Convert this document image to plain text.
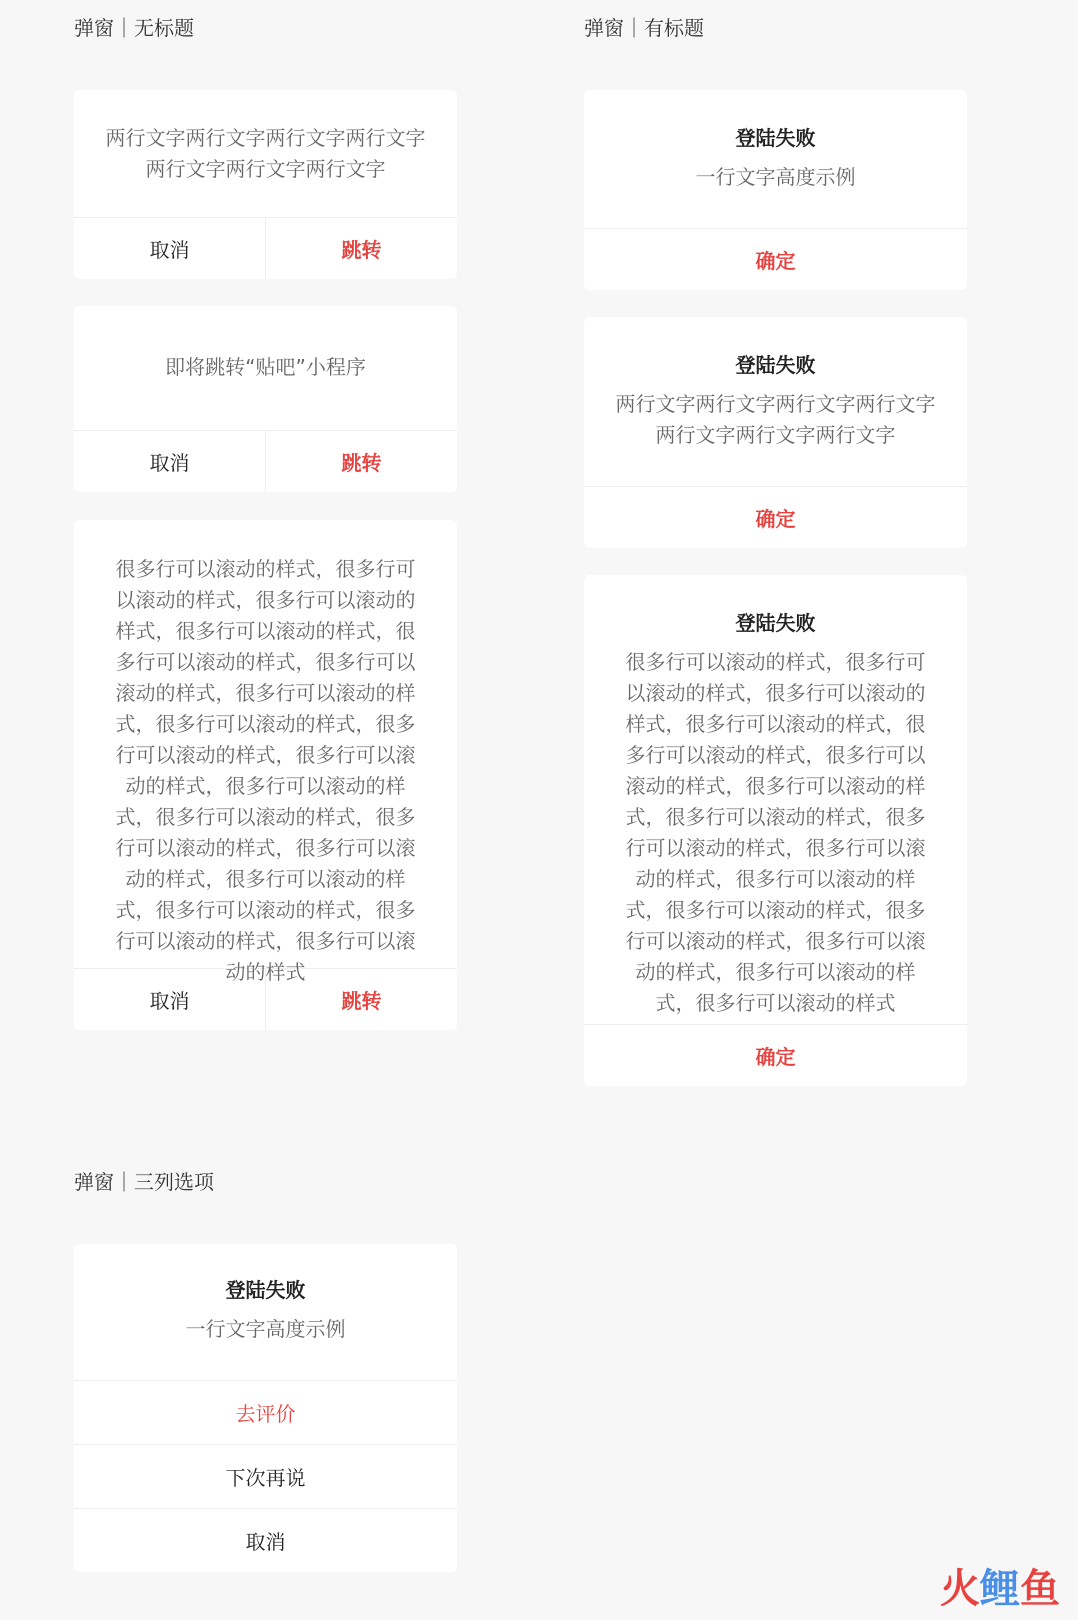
弹窗｜无标题	弹窗｜有标题
弹窗｜三列选项
两行文字两行文字两行文字两行文字两行文字两行文字两行文字
取消	跳转
即将跳转“贴吧”小程序
取消	跳转
很多行可以滚动的样式，很多行可以滚动的样式，很多行可以滚动的样式，很多行可以滚动的样式，很多行可以滚动的样式，很多行可以滚动的样式，很多行可以滚动的样式，很多行可以滚动的样式，很多行可以滚动的样式，很多行可以滚动的样式，很多行可以滚动的样式，很多行可以滚动的样式，很多行可以滚动的样式，很多行可以滚动的样式，很多行可以滚动的样式，很多行可以滚动的样式，很多行可以滚动的样式，很多行可以滚动的样式
取消	跳转
登陆失败
一行文字高度示例
确定
登陆失败
两行文字两行文字两行文字两行文字两行文字两行文字两行文字
确定
登陆失败
很多行可以滚动的样式，很多行可以滚动的样式，很多行可以滚动的样式，很多行可以滚动的样式，很多行可以滚动的样式，很多行可以滚动的样式，很多行可以滚动的样式，很多行可以滚动的样式，很多行可以滚动的样式，很多行可以滚动的样式，很多行可以滚动的样式，很多行可以滚动的样式，很多行可以滚动的样式，很多行可以滚动的样式，很多行可以滚动的样式，很多行可以滚动的样式
确定
登陆失败
一行文字高度示例
去评价
下次再说
取消
火鲤鱼
